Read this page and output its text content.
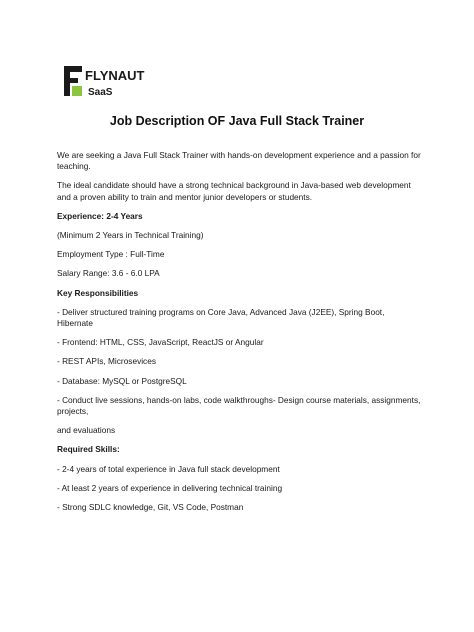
FLYNAUT
SaaS
Job Description OF Java Full Stack Trainer

We are seeking a Java Full Stack Trainer with hands-on development experience and a passion for teaching.

The ideal candidate should have a strong technical background in Java-based web development and a proven ability to train and mentor junior developers or students.

Experience: 2-4 Years

(Minimum 2 Years in Technical Training)

Employment Type : Full-Time

Salary Range: 3.6 - 6.0 LPA

Key Responsibilities

- Deliver structured training programs on Core Java, Advanced Java (J2EE), Spring Boot, Hibernate

- Frontend: HTML, CSS, JavaScript, ReactJS or Angular

- REST APIs, Microsevices

- Database: MySQL or PostgreSQL

- Conduct live sessions, hands-on labs, code walkthroughs- Design course materials, assignments, projects,

and evaluations

Required Skills:

- 2-4 years of total experience in Java full stack development

- At least 2 years of experience in delivering technical training

- Strong SDLC knowledge, Git, VS Code, Postman
